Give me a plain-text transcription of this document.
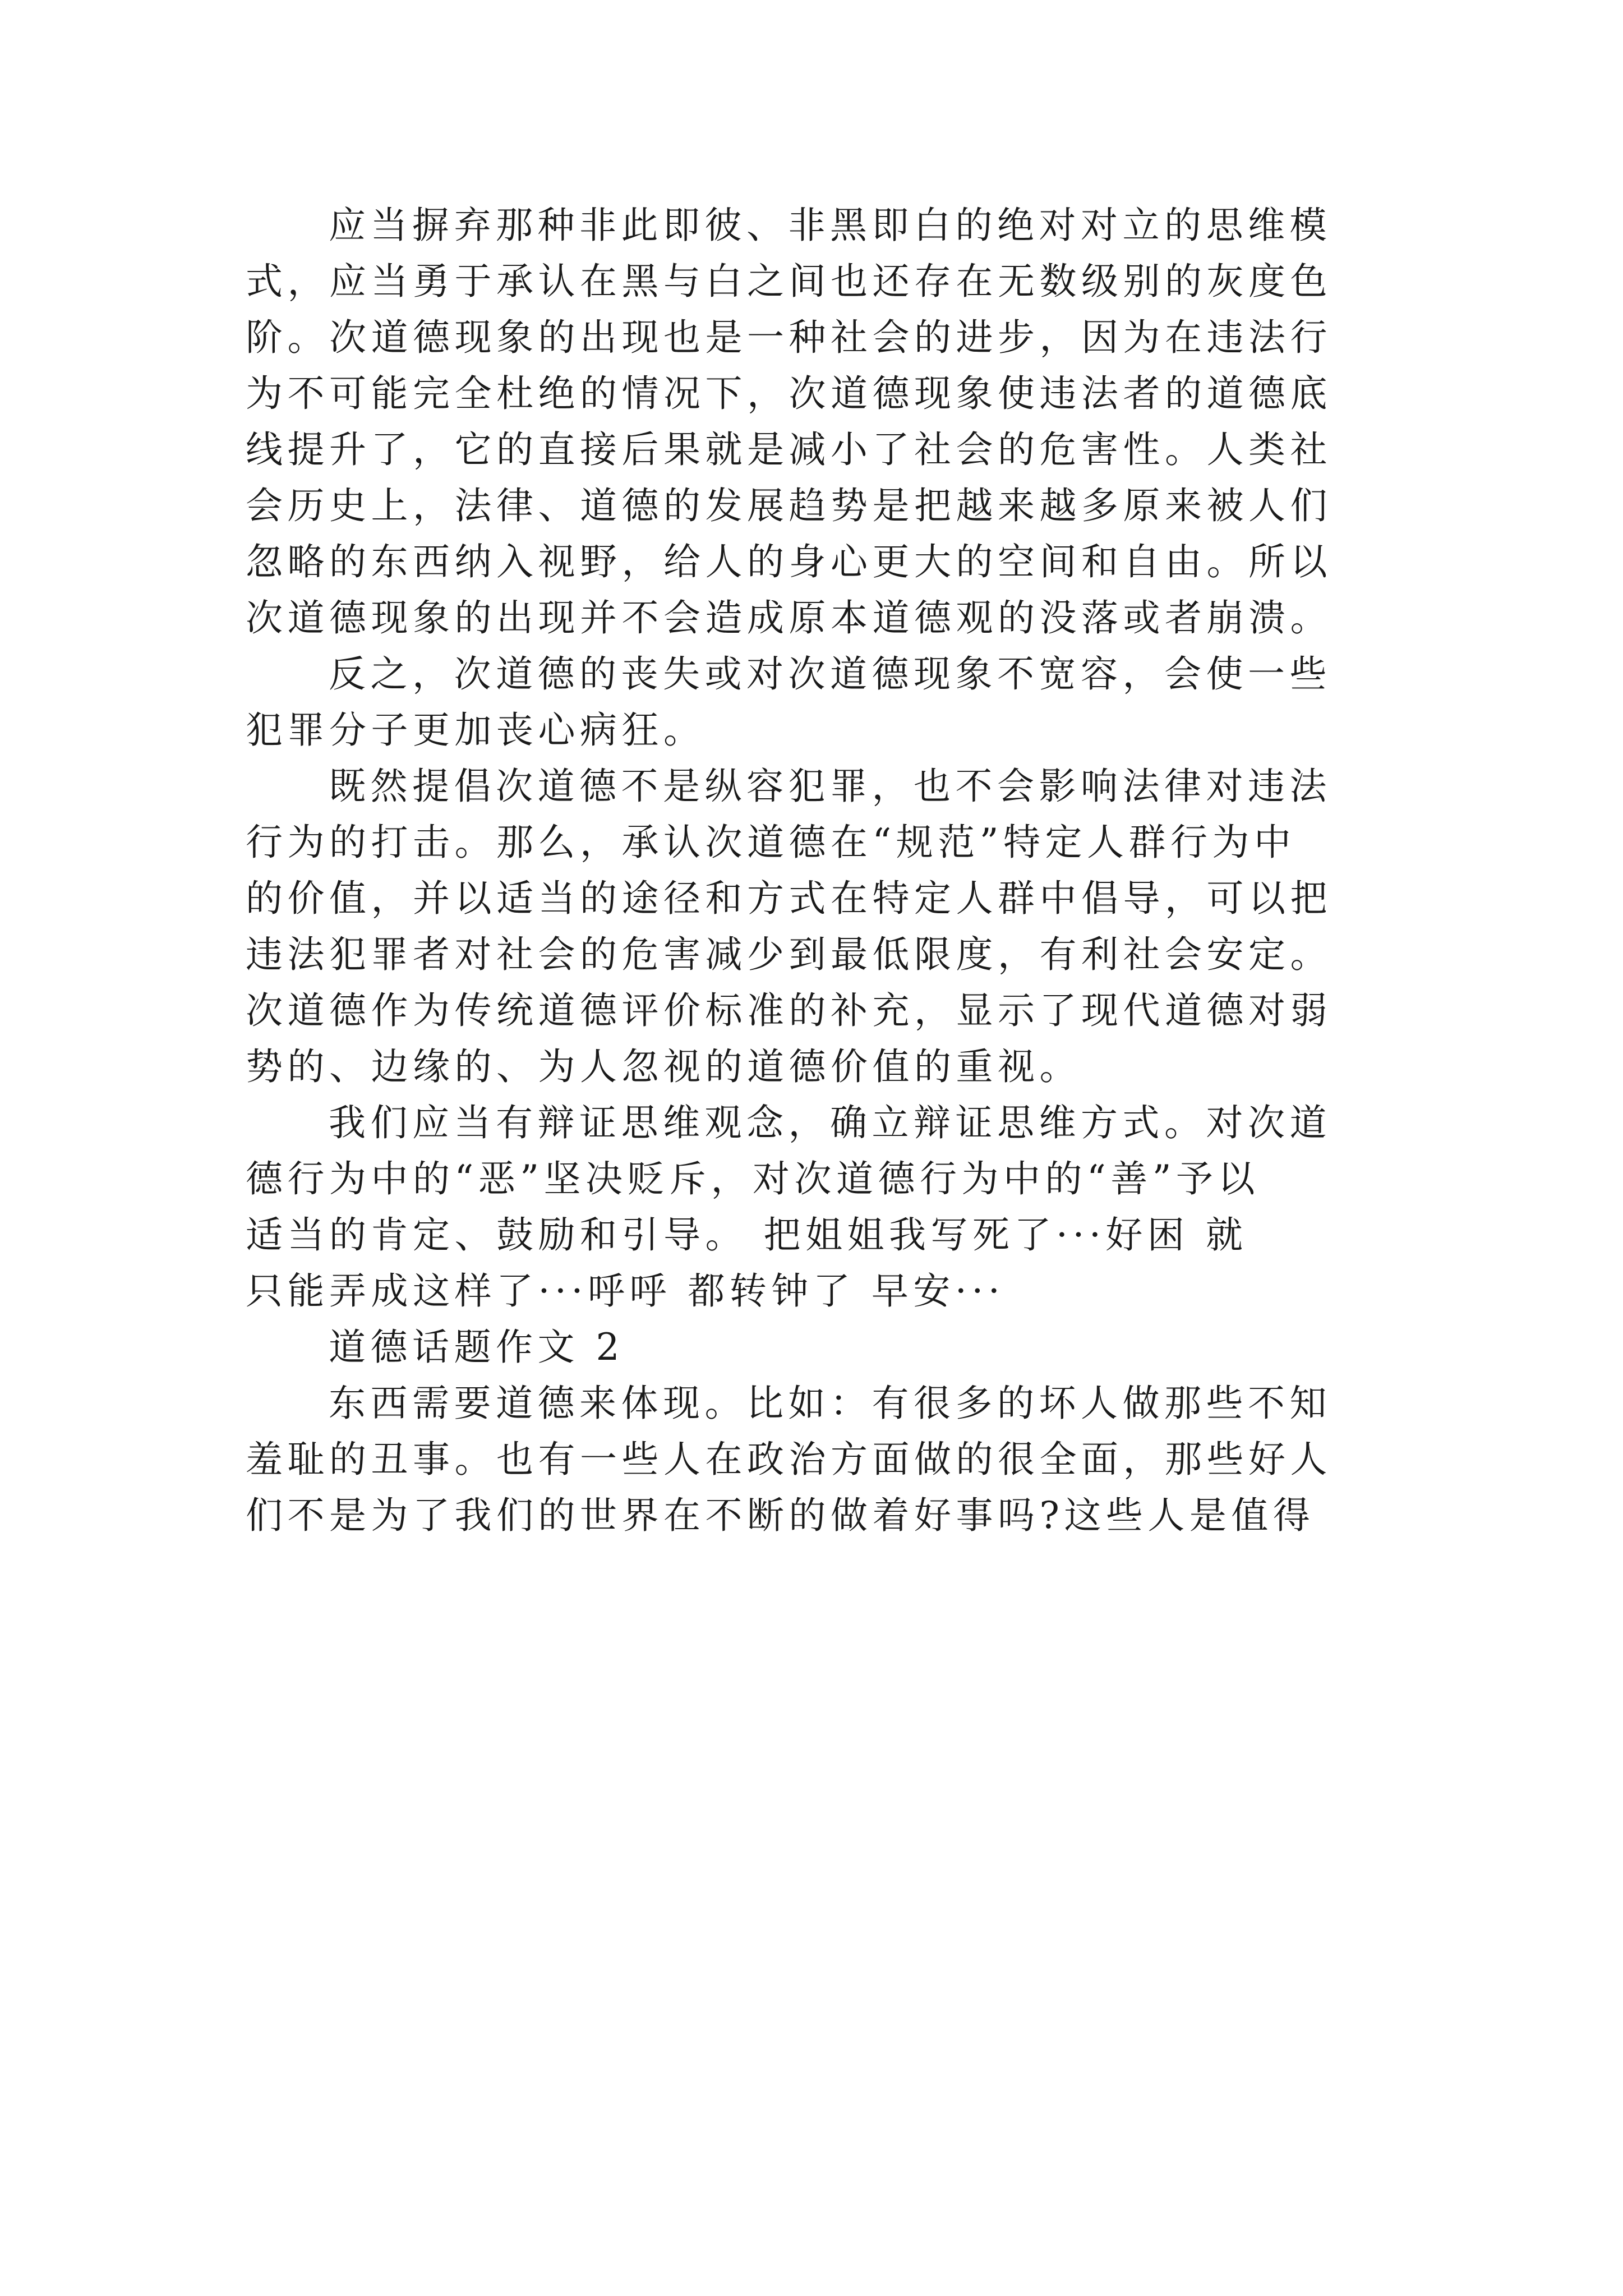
应当摒弃那种非此即彼、非黑即白的绝对对立的思维模
式，应当勇于承认在黑与白之间也还存在无数级别的灰度色
阶。次道德现象的出现也是一种社会的进步，因为在违法行
为不可能完全杜绝的情况下，次道德现象使违法者的道德底
线提升了，它的直接后果就是减小了社会的危害性。人类社
会历史上，法律、道德的发展趋势是把越来越多原来被人们
忽略的东西纳入视野，给人的身心更大的空间和自由。所以
次道德现象的出现并不会造成原本道德观的没落或者崩溃。
反之，次道德的丧失或对次道德现象不宽容，会使一些
犯罪分子更加丧心病狂。
既然提倡次道德不是纵容犯罪，也不会影响法律对违法
行为的打击。那么，承认次道德在“规范”特定人群行为中
的价值，并以适当的途径和方式在特定人群中倡导，可以把
违法犯罪者对社会的危害减少到最低限度，有利社会安定。
次道德作为传统道德评价标准的补充，显示了现代道德对弱
势的、边缘的、为人忽视的道德价值的重视。
我们应当有辩证思维观念，确立辩证思维方式。对次道
德行为中的“恶”坚决贬斥，对次道德行为中的“善”予以
适当的肯定、鼓励和引导。 把姐姐我写死了···好困 就
只能弄成这样了···呼呼 都转钟了 早安···
道德话题作文 2
东西需要道德来体现。比如：有很多的坏人做那些不知
羞耻的丑事。也有一些人在政治方面做的很全面，那些好人
们不是为了我们的世界在不断的做着好事吗?这些人是值得
